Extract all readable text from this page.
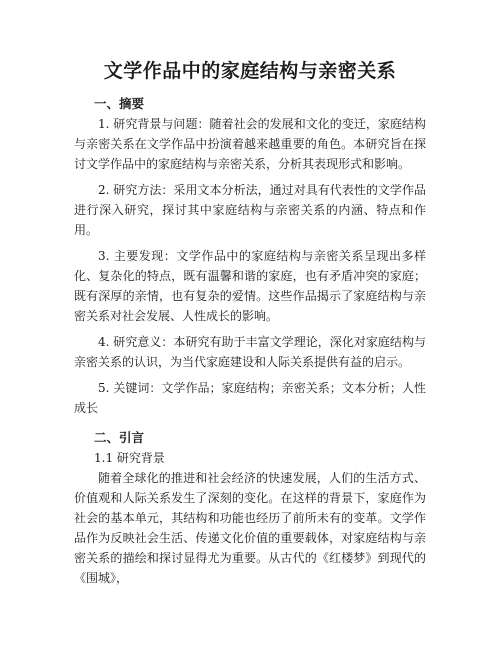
文学作品中的家庭结构与亲密关系
一、摘要

1. 研究背景与问题：随着社会的发展和文化的变迁，家庭结构与亲密关系在文学作品中扮演着越来越重要的角色。本研究旨在探讨文学作品中的家庭结构与亲密关系，分析其表现形式和影响。

2. 研究方法：采用文本分析法，通过对具有代表性的文学作品进行深入研究，探讨其中家庭结构与亲密关系的内涵、特点和作用。

3. 主要发现：文学作品中的家庭结构与亲密关系呈现出多样化、复杂化的特点，既有温馨和谐的家庭，也有矛盾冲突的家庭；既有深厚的亲情，也有复杂的爱情。这些作品揭示了家庭结构与亲密关系对社会发展、人性成长的影响。

4. 研究意义：本研究有助于丰富文学理论，深化对家庭结构与亲密关系的认识，为当代家庭建设和人际关系提供有益的启示。

5. 关键词：文学作品；家庭结构；亲密关系；文本分析；人性成长

二、引言
1.1 研究背景

随着全球化的推进和社会经济的快速发展，人们的生活方式、价值观和人际关系发生了深刻的变化。在这样的背景下，家庭作为社会的基本单元，其结构和功能也经历了前所未有的变革。文学作品作为反映社会生活、传递文化价值的重要载体，对家庭结构与亲密关系的描绘和探讨显得尤为重要。从古代的《红楼梦》到现代的《围城》，
